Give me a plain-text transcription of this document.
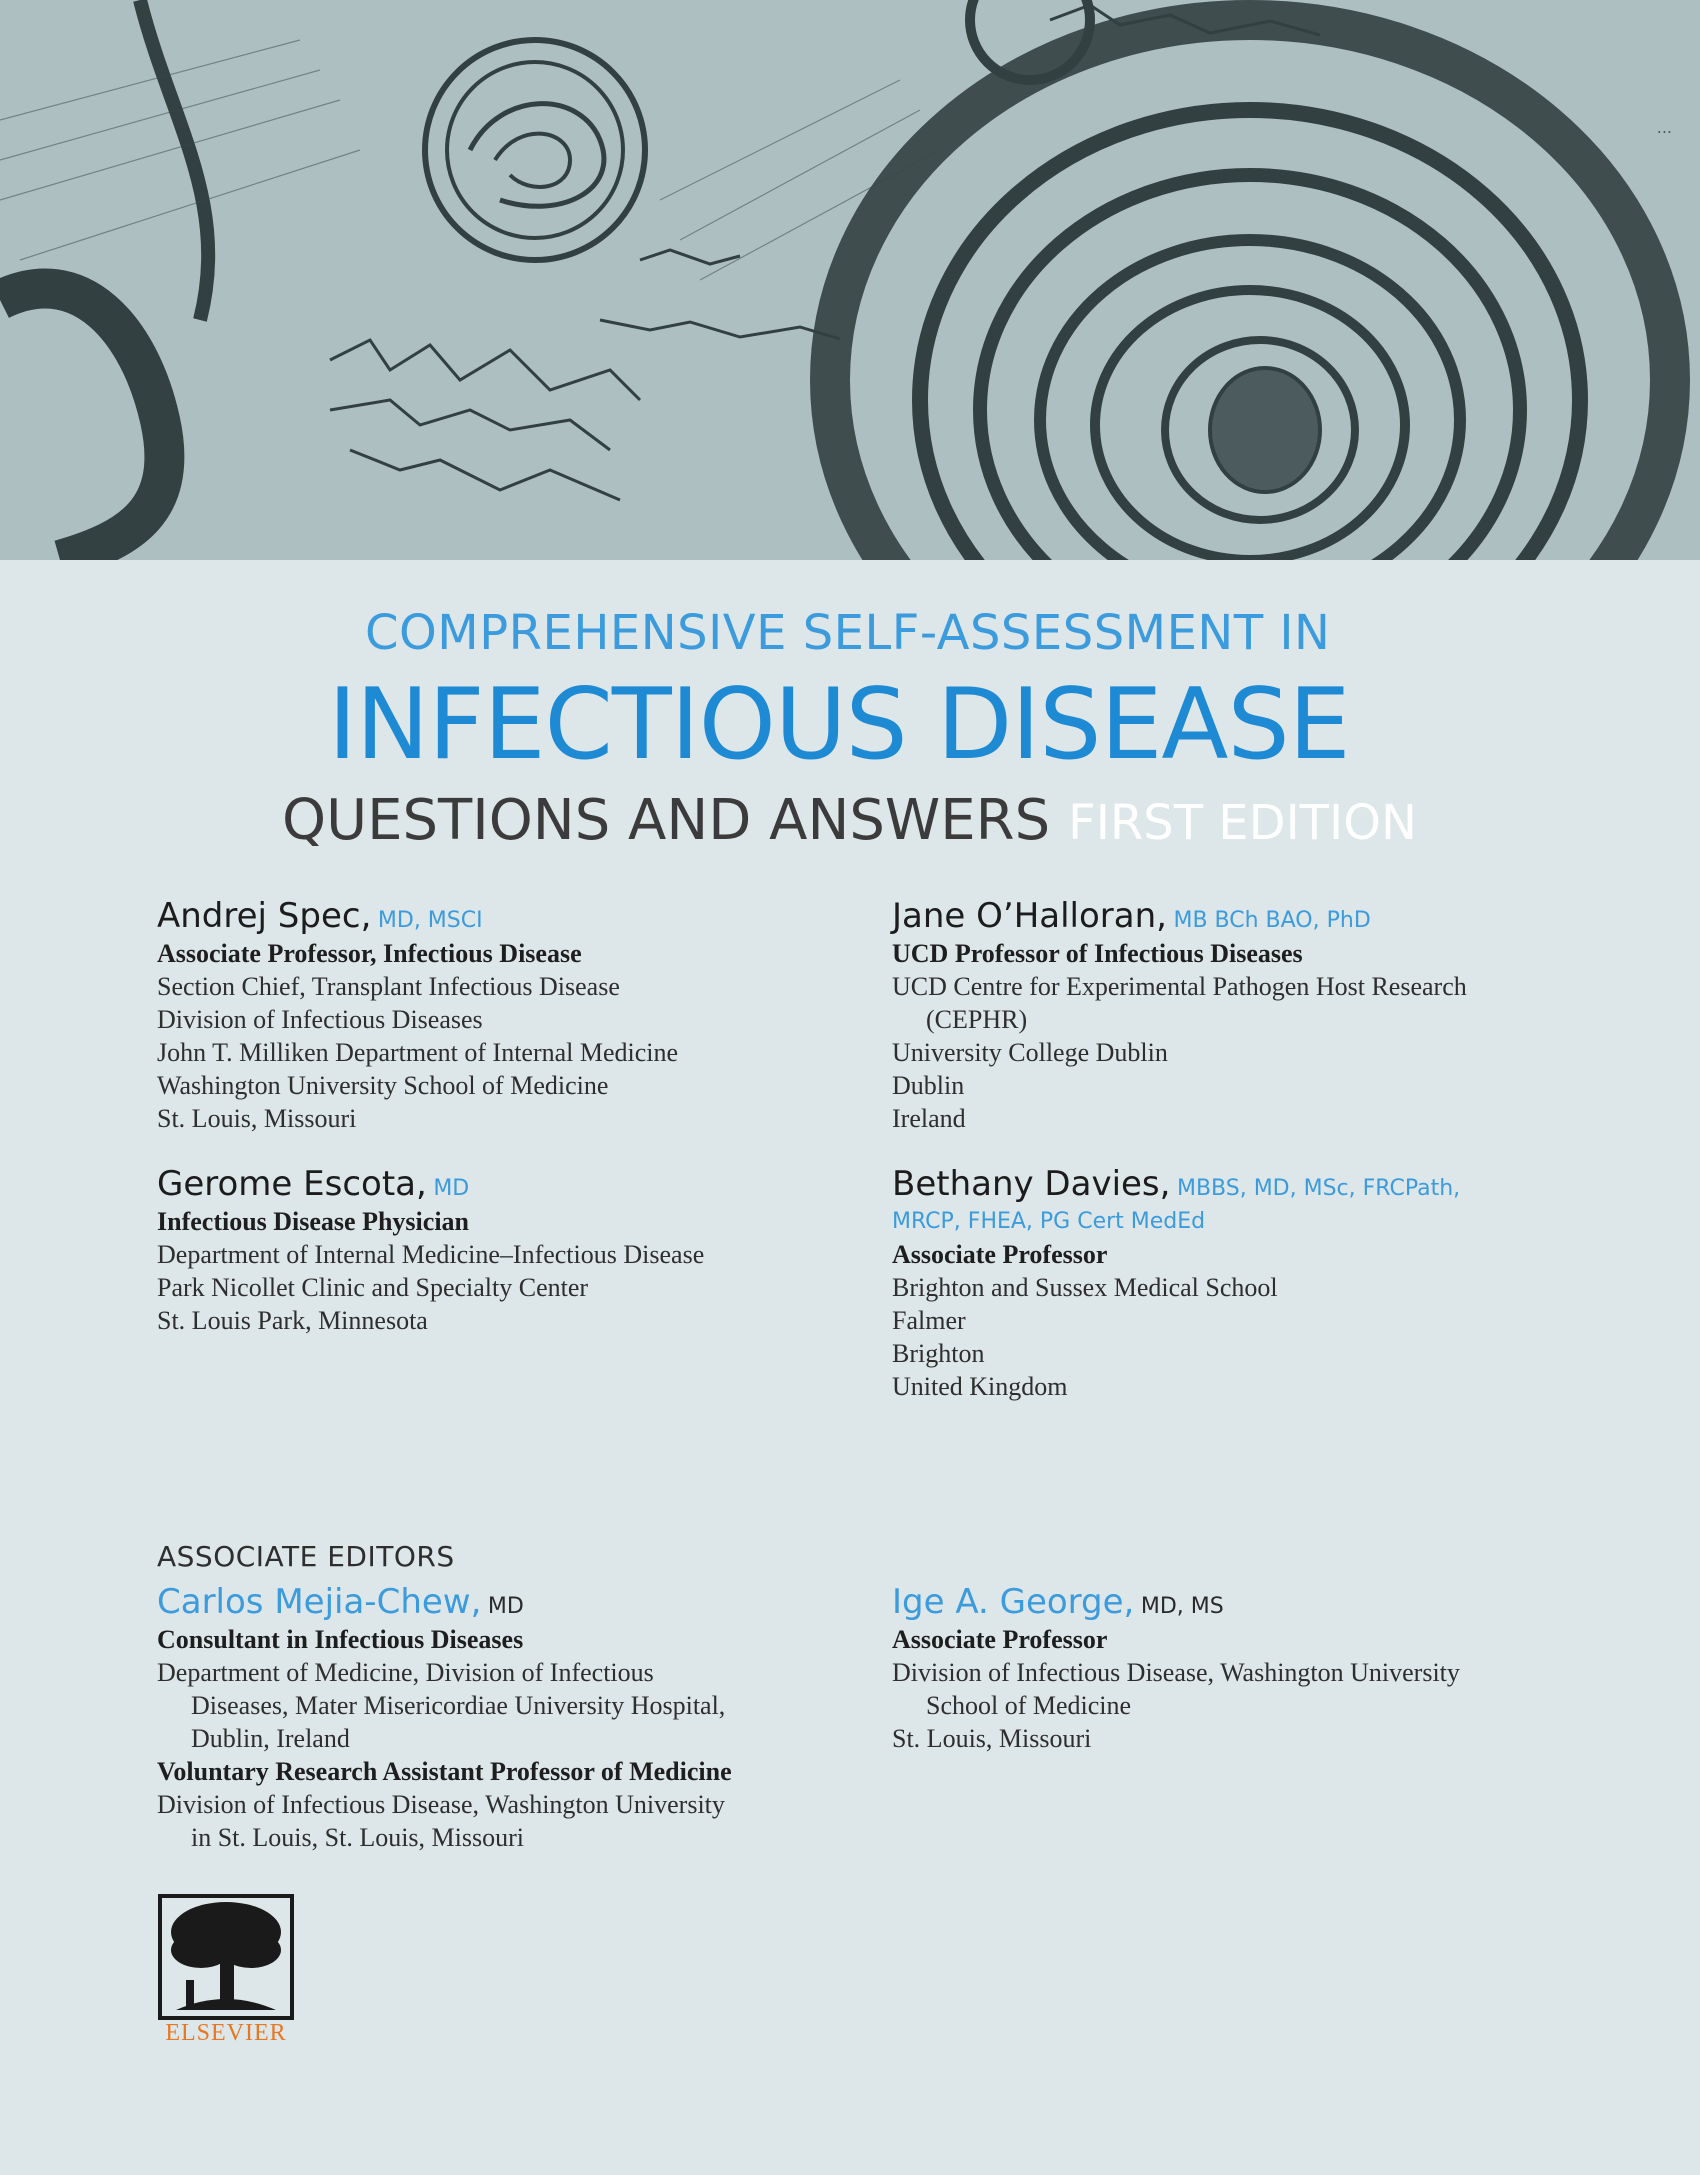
...
COMPREHENSIVE SELF-ASSESSMENT IN
INFECTIOUS DISEASE
QUESTIONS AND ANSWERS FIRST EDITION
Andrej Spec, MD, MSCI
Associate Professor, Infectious Disease
Section Chief, Transplant Infectious Disease
Division of Infectious Diseases
John T. Milliken Department of Internal Medicine
Washington University School of Medicine
St. Louis, Missouri
Jane O’Halloran, MB BCh BAO, PhD
UCD Professor of Infectious Diseases
UCD Centre for Experimental Pathogen Host Research
(CEPHR)
University College Dublin
Dublin
Ireland
Gerome Escota, MD
Infectious Disease Physician
Department of Internal Medicine–Infectious Disease
Park Nicollet Clinic and Specialty Center
St. Louis Park, Minnesota
Bethany Davies, MBBS, MD, MSc, FRCPath,
MRCP, FHEA, PG Cert MedEd
Associate Professor
Brighton and Sussex Medical School
Falmer
Brighton
United Kingdom
ASSOCIATE EDITORS
Carlos Mejia-Chew, MD
Consultant in Infectious Diseases
Department of Medicine, Division of Infectious
Diseases, Mater Misericordiae University Hospital,
Dublin, Ireland
Voluntary Research Assistant Professor of Medicine
Division of Infectious Disease, Washington University
in St. Louis, St. Louis, Missouri
Ige A. George, MD, MS
Associate Professor
Division of Infectious Disease, Washington University
School of Medicine
St. Louis, Missouri
ELSEVIER
